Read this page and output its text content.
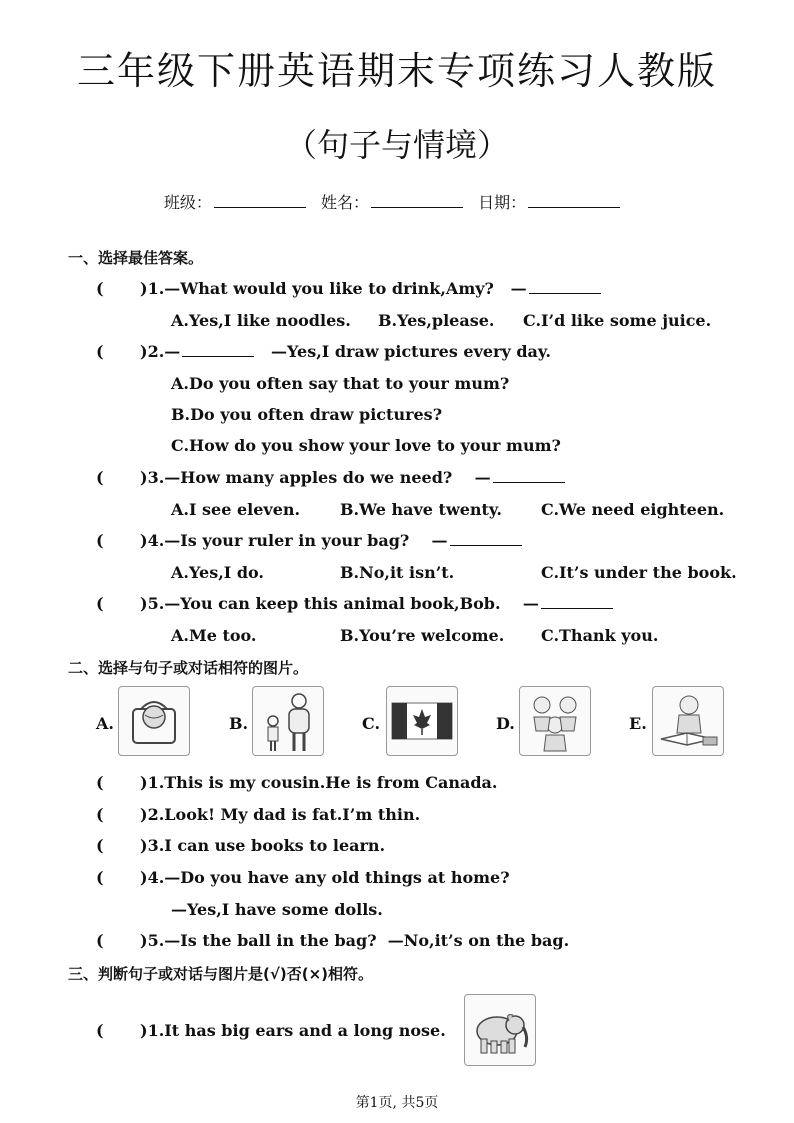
三年级下册英语期末专项练习人教版
（句子与情境）
班级：	姓名：	日期：
一、选择最佳答案。
( )1.—What would you like to drink,Amy? —
A.Yes,I like noodles. B.Yes,please. C.I’d like some juice.
( )2.—	—Yes,I draw pictures every day.
A.Do you often say that to your mum?
B.Do you often draw pictures?
C.How do you show your love to your mum?
( )3.—How many apples do we need? —
A.I see eleven. B.We have twenty. C.We need eighteen.
( )4.—Is your ruler in your bag? —
A.Yes,I do.	B.No,it isn’t.	C.It’s under the book.
( )5.—You can keep this animal book,Bob. —
A.Me too.	B.You’re welcome. C.Thank you.
二、选择与句子或对话相符的图片。
A.	B.	C.	D.	E.
( )1.This is my cousin.He is from Canada.
( )2.Look! My dad is fat.I’m thin.
( )3.I can use books to learn.
( )4.—Do you have any old things at home?
—Yes,I have some dolls.
( )5.—Is the ball in the bag?  —No,it’s on the bag.
三、判断句子或对话与图片是(√)否(×)相符。
( )1.It has big ears and a long nose.
第1页, 共5页
